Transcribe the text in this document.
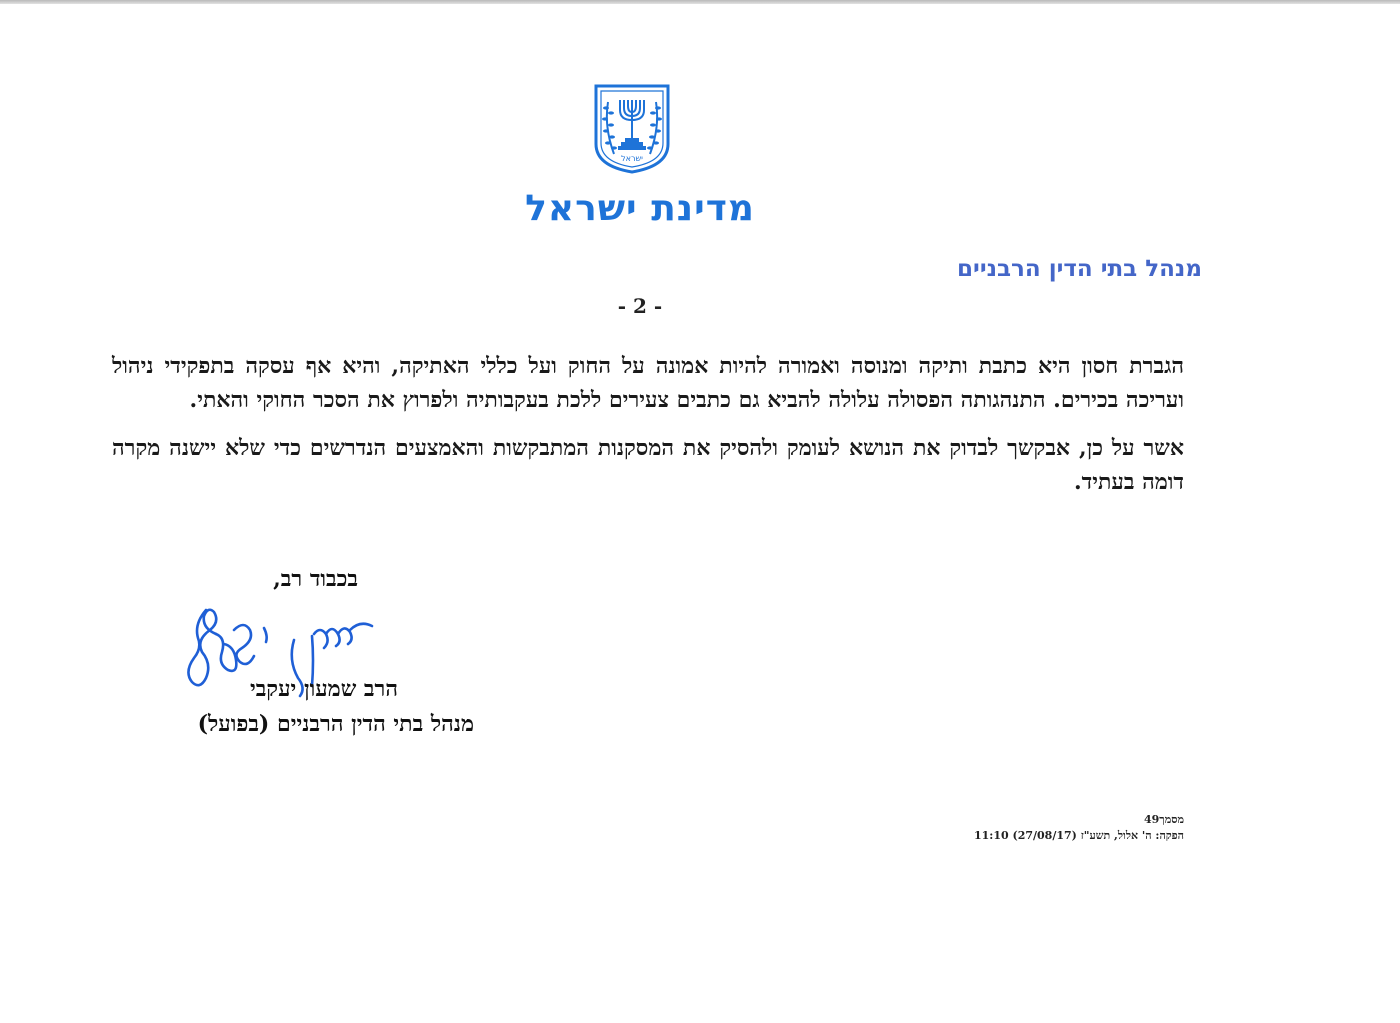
ישראל
מדינת ישראל
מנהל בתי הדין הרבניים
- 2 -

הגברת חסון היא כתבת ותיקה ומנוסה ואמורה להיות אמונה על החוק ועל כללי האתיקה, והיא אף עסקה בתפקידי ניהול ועריכה בכירים. התנהגותה הפסולה עלולה להביא גם כתבים צעירים ללכת בעקבותיה ולפרוץ את הסכר החוקי והאתי.

אשר על כן, אבקשך לבדוק את הנושא לעומק ולהסיק את המסקנות המתבקשות והאמצעים הנדרשים כדי שלא יישנה מקרה דומה בעתיד.

בכבוד רב,
הרב שמעון יעקבי
מנהל בתי הדין הרבניים (בפועל)
מסמך49
הפקה: ה' אלול, תשע"ז (27/08/17) 11:10
